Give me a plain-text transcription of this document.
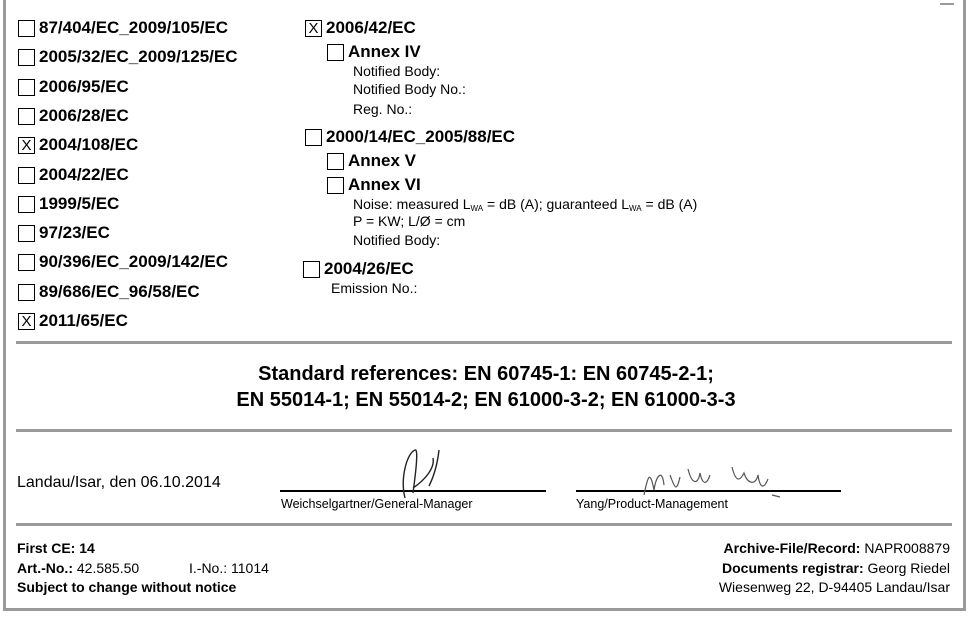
87/404/EC_2009/105/EC
2005/32/EC_2009/125/EC
2006/95/EC
2006/28/EC
X 2004/108/EC
2004/22/EC
1999/5/EC
97/23/EC
90/396/EC_2009/142/EC
89/686/EC_96/58/EC
X 2011/65/EC
X 2006/42/EC
Annex IV
Notified Body:
Notified Body No.:
Reg. No.:
2000/14/EC_2005/88/EC
Annex V
Annex VI
Noise: measured $L_{WA}$ = dB (A); guaranteed $L_{WA}$ = dB (A)
P = KW; L/Ø = cm
Notified Body:
2004/26/EC
Emission No.:
Standard references: EN 60745-1: EN 60745-2-1;
EN 55014-1; EN 55014-2; EN 61000-3-2; EN 61000-3-3
Landau/Isar, den 06.10.2014
Weichselgartner/General-Manager	Yang/Product-Management
First CE: 14
Art.-No.: 42.585.50	I.-No.: 11014
Subject to change without notice
Archive-File/Record: NAPR008879
Documents registrar: Georg Riedel
Wiesenweg 22, D-94405 Landau/Isar
